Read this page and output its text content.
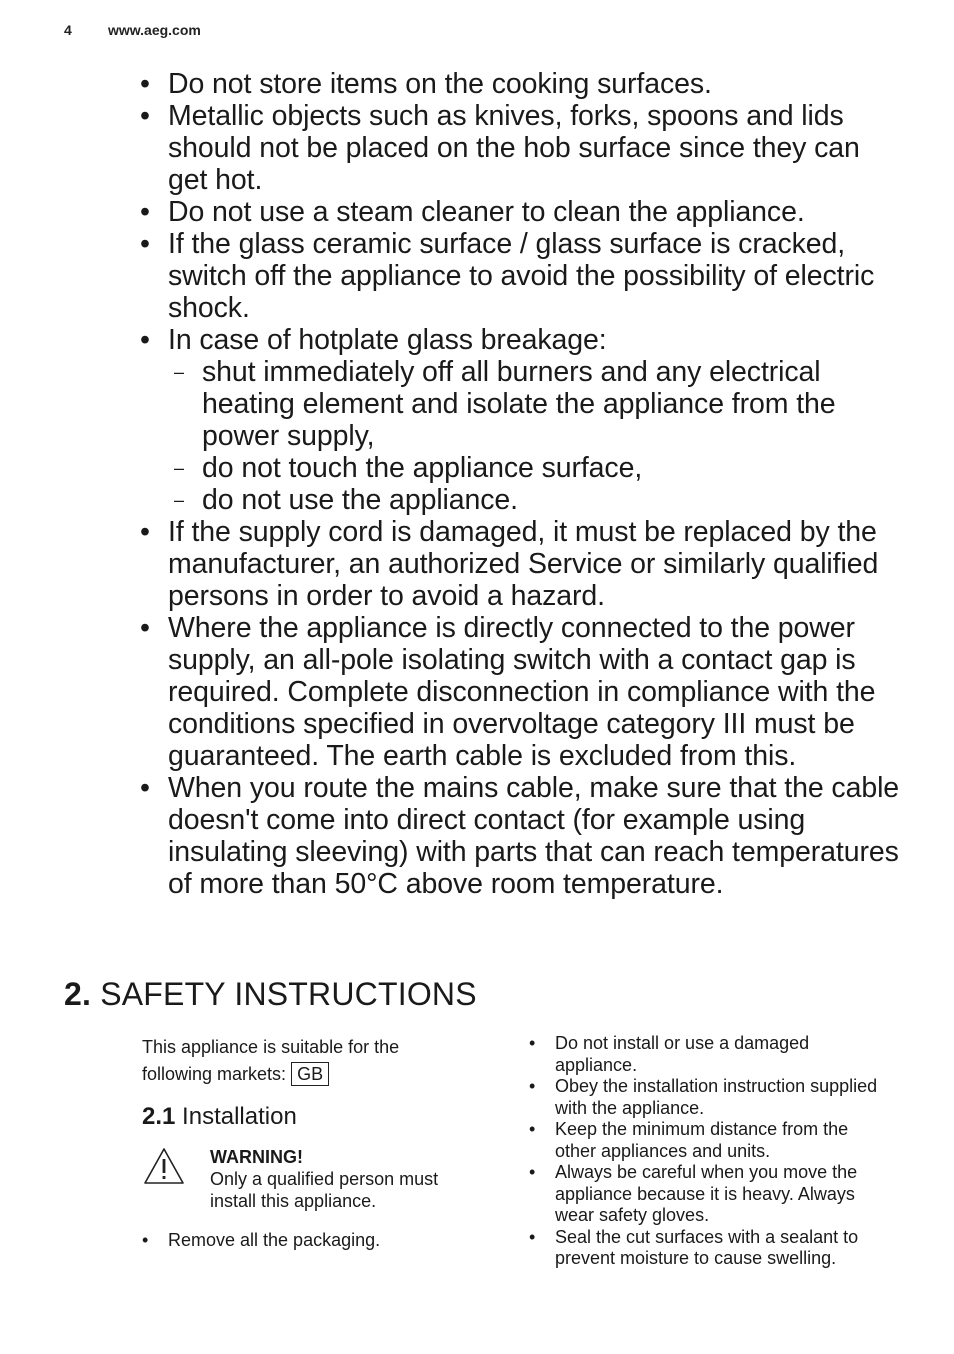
4	www.aeg.com
• Do not store items on the cooking surfaces.
• Metallic objects such as knives, forks, spoons and lids should not be placed on the hob surface since they can get hot.
• Do not use a steam cleaner to clean the appliance.
• If the glass ceramic surface / glass surface is cracked, switch off the appliance to avoid the possibility of electric shock.
• In case of hotplate glass breakage:
– shut immediately off all burners and any electrical heating element and isolate the appliance from the power supply,
– do not touch the appliance surface,
– do not use the appliance.
• If the supply cord is damaged, it must be replaced by the manufacturer, an authorized Service or similarly qualified persons in order to avoid a hazard.
• Where the appliance is directly connected to the power supply, an all-pole isolating switch with a contact gap is required. Complete disconnection in compliance with the conditions specified in overvoltage category III must be guaranteed. The earth cable is excluded from this.
• When you route the mains cable, make sure that the cable doesn't come into direct contact (for example using insulating sleeving) with parts that can reach temperatures of more than 50°C above room temperature.
2. SAFETY INSTRUCTIONS
This appliance is suitable for the
following markets: GB
2.1 Installation
WARNING!
Only a qualified person must install this appliance.
• Remove all the packaging.
• Do not install or use a damaged appliance.
• Obey the installation instruction supplied with the appliance.
• Keep the minimum distance from the other appliances and units.
• Always be careful when you move the appliance because it is heavy. Always wear safety gloves.
• Seal the cut surfaces with a sealant to prevent moisture to cause swelling.
